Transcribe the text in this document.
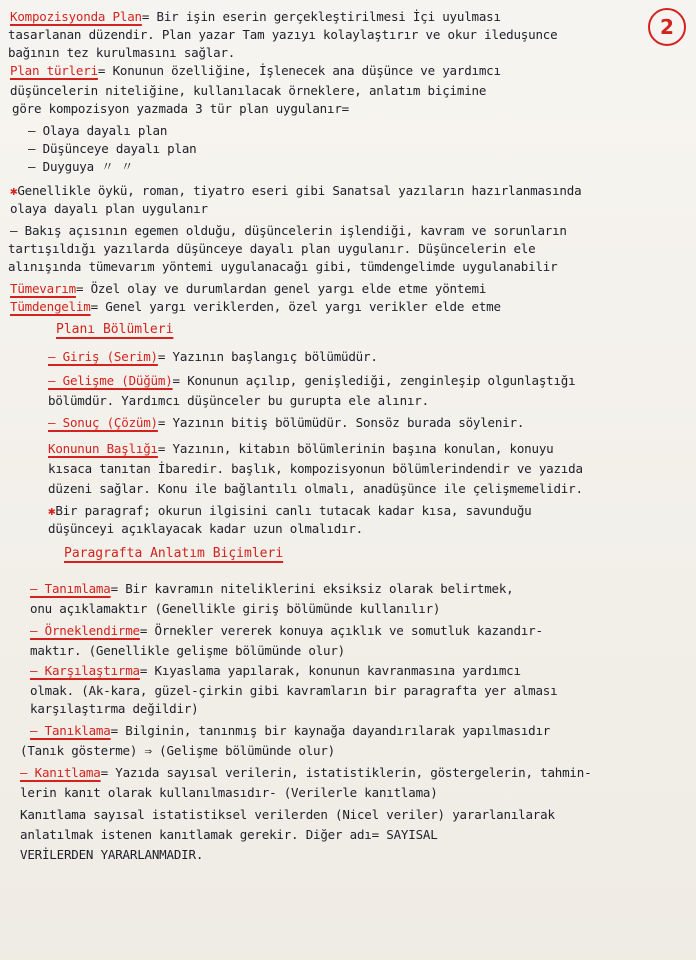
2
Kompozisyonda Plan= Bir işin eserin gerçekleştirilmesi İçi uyulması
tasarlanan düzendir. Plan yazar Tam yazıyı kolaylaştırır ve okur ileduşunce
bağının tez kurulmasını sağlar.
Plan türleri= Konunun özelliğine, İşlenecek ana düşünce ve yardımcı
düşüncelerin niteliğine, kullanılacak örneklere, anlatım biçimine
göre kompozisyon yazmada 3 tür plan uygulanır=
— Olaya dayalı plan
— Düşünceye dayalı plan
— Duyguya 〃 〃
✱Genellikle öykü, roman, tiyatro eseri gibi Sanatsal yazıların hazırlanmasında
olaya dayalı plan uygulanır
— Bakış açısının egemen olduğu, düşüncelerin işlendiği, kavram ve sorunların
tartışıldığı yazılarda düşünceye dayalı plan uygulanır. Düşüncelerin ele
alınışında tümevarım yöntemi uygulanacağı gibi, tümdengelimde uygulanabilir
Tümevarım= Özel olay ve durumlardan genel yargı elde etme yöntemi
Tümdengelim= Genel yargı veriklerden, özel yargı verikler elde etme
— Giriş (Serim)= Yazının başlangıç bölümüdür.
— Gelişme (Düğüm)= Konunun açılıp, genişlediği, zenginleşip olgunlaştığı
bölümdür. Yardımcı düşünceler bu gurupta ele alınır.
— Sonuç (Çözüm)= Yazının bitiş bölümüdür. Sonsöz burada söylenir.
Konunun Başlığı= Yazının, kitabın bölümlerinin başına konulan, konuyu
kısaca tanıtan İbaredir. başlık, kompozisyonun bölümlerindendir ve yazıda
düzeni sağlar. Konu ile bağlantılı olmalı, anadüşünce ile çelişmemelidir.
✱Bir paragraf; okurun ilgisini canlı tutacak kadar kısa, savunduğu
düşünceyi açıklayacak kadar uzun olmalıdır.
— Tanımlama= Bir kavramın niteliklerini eksiksiz olarak belirtmek,
onu açıklamaktır (Genellikle giriş bölümünde kullanılır)
— Örneklendirme= Örnekler vererek konuya açıklık ve somutluk kazandır-
maktır. (Genellikle gelişme bölümünde olur)
— Karşılaştırma= Kıyaslama yapılarak, konunun kavranmasına yardımcı
olmak. (Ak-kara, güzel-çirkin gibi kavramların bir paragrafta yer alması
karşılaştırma değildir)
— Tanıklama= Bilginin, tanınmış bir kaynağa dayandırılarak yapılmasıdır
(Tanık gösterme) ⇒ (Gelişme bölümünde olur)
— Kanıtlama= Yazıda sayısal verilerin, istatistiklerin, göstergelerin, tahmin-
lerin kanıt olarak kullanılmasıdır- (Verilerle kanıtlama)
Kanıtlama sayısal istatistiksel verilerden (Nicel veriler) yararlanılarak
anlatılmak istenen kanıtlamak gerekir. Diğer adı= SAYISAL
VERİLERDEN YARARLANMADIR.
Planı Bölümleri
Paragrafta Anlatım Biçimleri
